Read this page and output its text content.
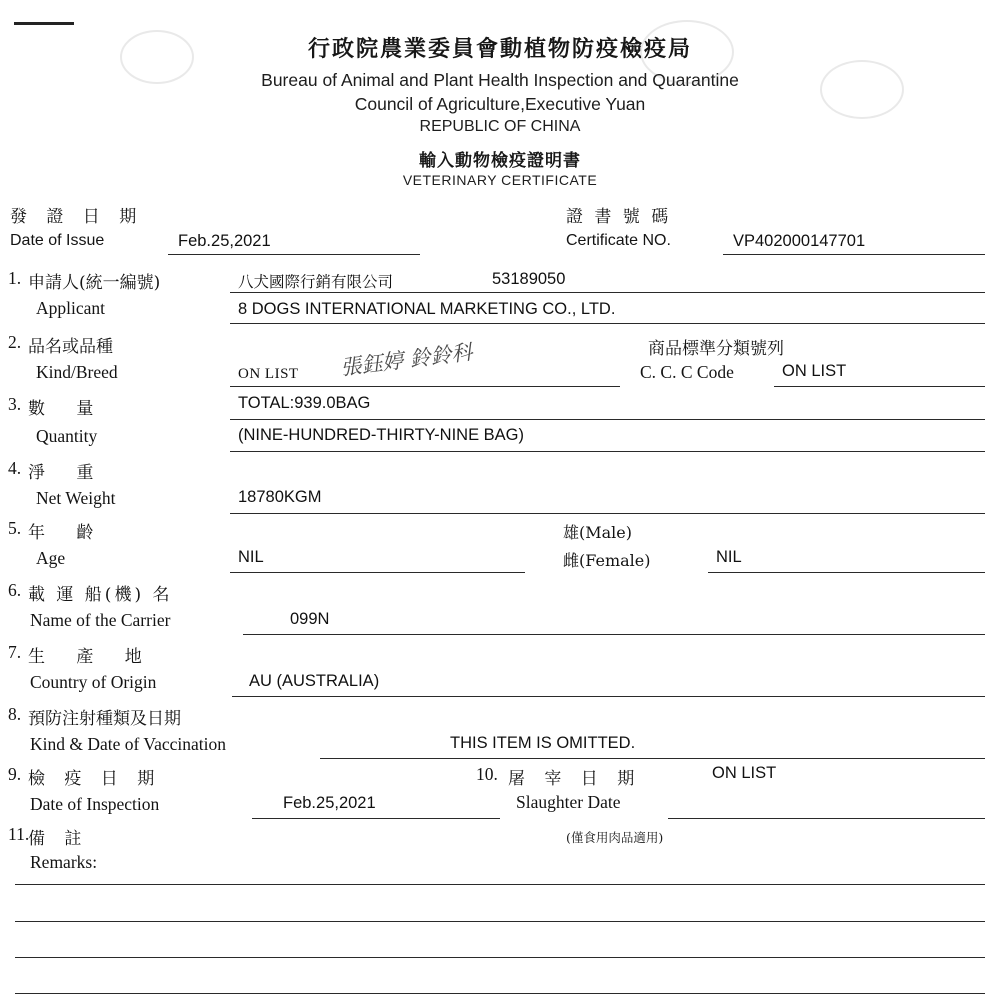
行政院農業委員會動植物防疫檢疫局
Bureau of Animal and Plant Health Inspection and Quarantine
Council of Agriculture,Executive Yuan
REPUBLIC OF CHINA
輸入動物檢疫證明書
VETERINARY CERTIFICATE
發 證 日 期
Date of Issue	Feb.25,2021
證 書 號 碼
Certificate NO.	VP402000147701
1. 申請人(統一編號)
Applicant
八犬國際行銷有限公司	53189050
8 DOGS INTERNATIONAL MARKETING CO., LTD.
2. 品名或品種
Kind/Breed	ON LIST 張鈺婷 鈴鈴科	商品標準分類號列
C. C. C Code	ON LIST
3. 數 量
Quantity
TOTAL:939.0BAG
(NINE-HUNDRED-THIRTY-NINE BAG)
4. 淨 重
Net Weight	18780KGM
5. 年 齡
Age	NIL
雄(Male)
雌(Female)	NIL
6. 載 運 船(機) 名
Name of the Carrier	099N
7. 生 產 地
Country of Origin	AU (AUSTRALIA)
8. 預防注射種類及日期
Kind & Date of Vaccination	THIS ITEM IS OMITTED.
9. 檢 疫 日 期
Date of Inspection	Feb.25,2021
10. 屠 宰 日 期
Slaughter Date
ON LIST
(僅食用肉品適用)
11.
備 註
Remarks:
